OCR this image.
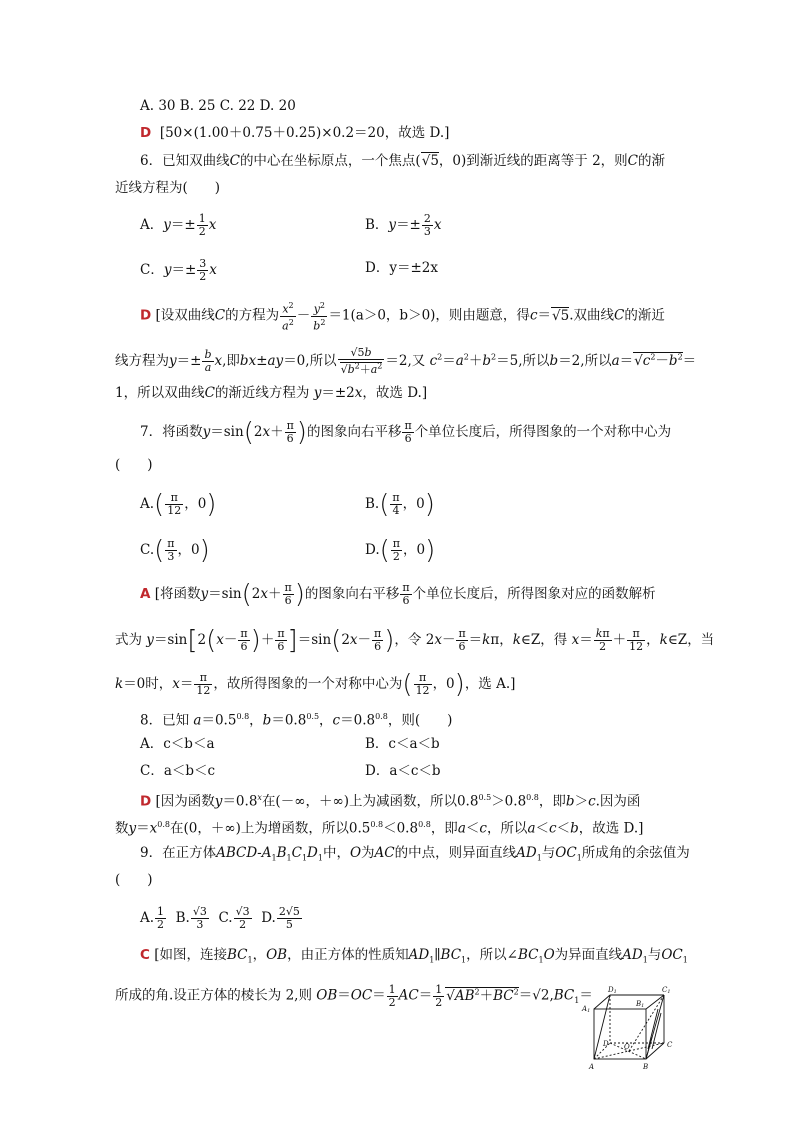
A. 30 B. 25 C. 22 D. 20
D [50×(1.00＋0.75＋0.25)×0.2＝20，故选 D.]
6．已知双曲线C的中心在坐标原点，一个焦点(√5，0)到渐近线的距离等于 2，则C的渐
近线方程为(　　)
A．$y=\pm \frac{1}{2}$ x	B．$y=\pm \frac{2}{3}$ x
C．$y=\pm \frac{3}{2}$ x	D．y＝±2x
D [设双曲线C的方程为 $\frac{x^2}{a^2} - \frac{y^2}{b^2} =1(a>0$，b＞0)，则由题意，得c＝√5.双曲线C的渐近
线方程为$y=\pm \frac{b}{a} x$,即bx±ay＝0,所以 $\frac{√5b}{√b^2+a^2} =2$,又 $c^2=a^2+b^2=5$,所以b＝2,所以$a=√c^2-b^2=$
1，所以双曲线C的渐近线方程为 y＝±2x，故选 D.]
7．将函数$y=\sin(2x+ \frac{\pi}{6}$ )的图象向右平移 $\frac{\pi}{6}$ 个单位长度后，所得图象的一个对称中心为
(　　)
$A.( \frac{\pi}{12}$ ，0)	$B.( \frac{\pi}{4}$ ，0)
$C.( \frac{\pi}{3}$ ，0)	$D.( \frac{\pi}{2}$ ，0)
A [将函数$y=\sin(2x+ \frac{\pi}{6}$ )的图象向右平移 $\frac{\pi}{6}$ 个单位长度后，所得图象对应的函数解析
式为 $y=\sin[2(x- \frac{\pi}{6}$ )＋ $\frac{\pi}{6} ]=\sin(2x- \frac{\pi}{6}$ )，令 $2x- \frac{\pi}{6} =k\pi$，k∈Z，得 $x= \frac{k\pi}{2} + \frac{\pi}{12}$ ，k∈Z，当
k＝0时，$x= \frac{\pi}{12}$ ，故所得图象的一个对称中心为( $\frac{\pi}{12}$ ，0)，选 A.]
8．已知 $a=0.5^{0.8}$，$b=0.8^{0.5}$，$c=0.8^{0.8}$，则(　　)
A．c＜b＜a	B．c＜a＜b
C．a＜b＜c	D．a＜c＜b
D [因为函数$y=0.8^x$在(－∞，＋∞)上为减函数，所以$0.8^{0.5}>0.8^{0.8}$，即b＞c.因为函
数$y=x^{0.8}$在(0，＋∞)上为增函数，所以$0.5^{0.8}<0.8^{0.8}$，即a＜c，所以a＜c＜b，故选 D.]
9．在正方体ABCD-$A_1B_1C_1D_1$中，O为AC的中点，则异面直线$AD_1$与$OC_1$所成角的余弦值为
(　　)
A. $\frac{1}{2} B$. $\frac{√3}{3} C$. $\frac{√3}{2} D$. $\frac{2√5}{5}$
C [如图，连接$BC_1$，OB，由正方体的性质知$AD_1\parallel BC_1$，所以$\angle BC_1O$为异面直线$AD_1$与$OC_1$
所成的角.设正方体的棱长为 2,则 $OB=OC= \frac{1}{2} AC= \frac{1}{2} √AB^2+BC^2=√2,BC_1= D1$	C1
A1
B1
D O	C
A	B
